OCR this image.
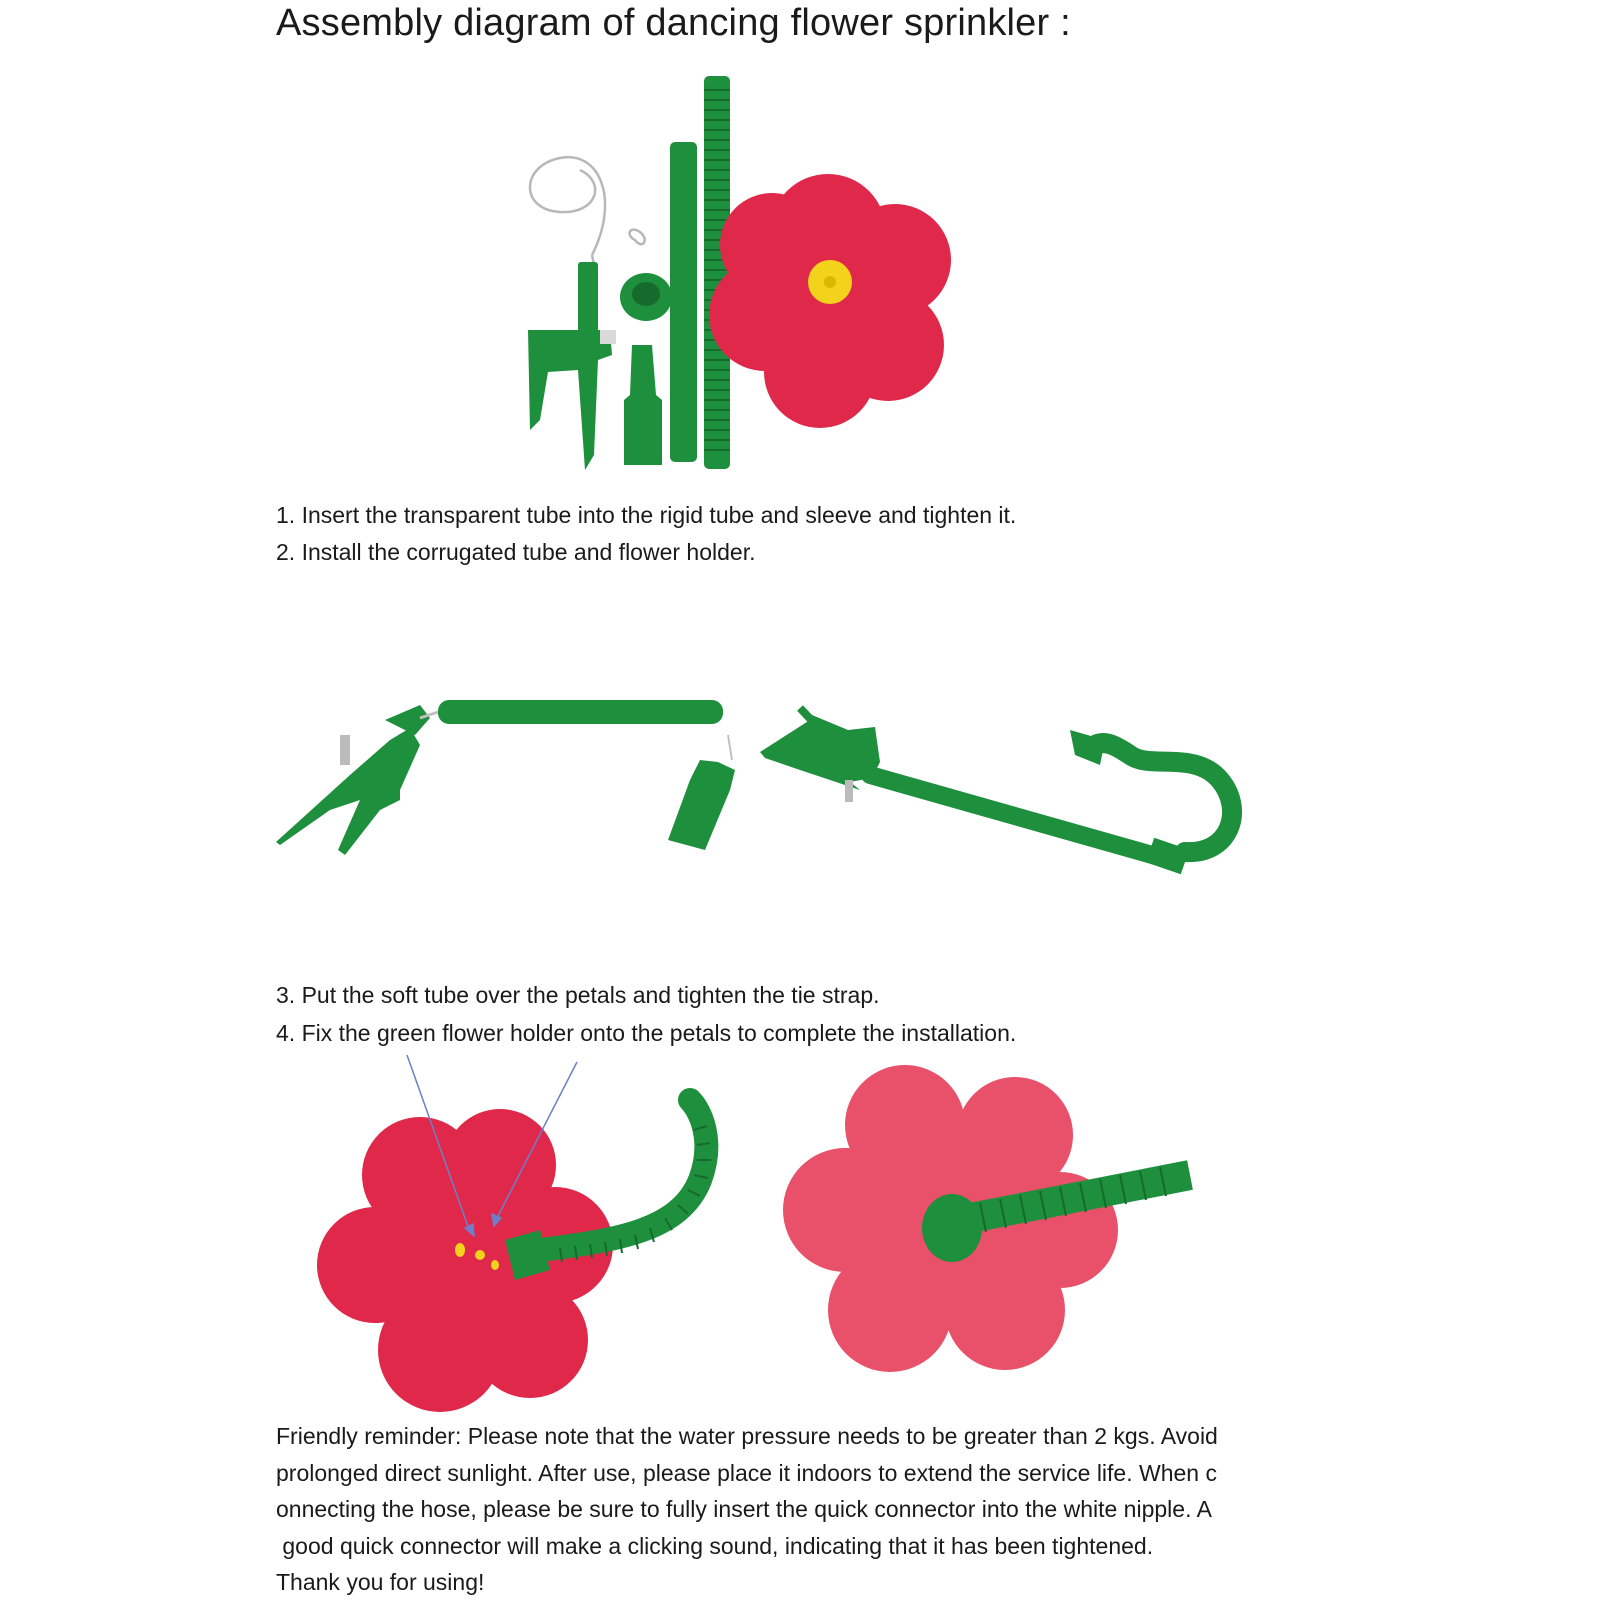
Assembly diagram of dancing flower sprinkler :

1. Insert the transparent tube into the rigid tube and sleeve and tighten it.

2. Install the corrugated tube and flower holder.

3. Put the soft tube over the petals and tighten the tie strap.

4. Fix the green flower holder onto the petals to complete the installation.

Friendly reminder: Please note that the water pressure needs to be greater than 2 kgs. Avoid
prolonged direct sunlight. After use, please place it indoors to extend the service life. When c
onnecting the hose, please be sure to fully insert the quick connector into the white nipple. A
good quick connector will make a clicking sound, indicating that it has been tightened.
Thank you for using!
